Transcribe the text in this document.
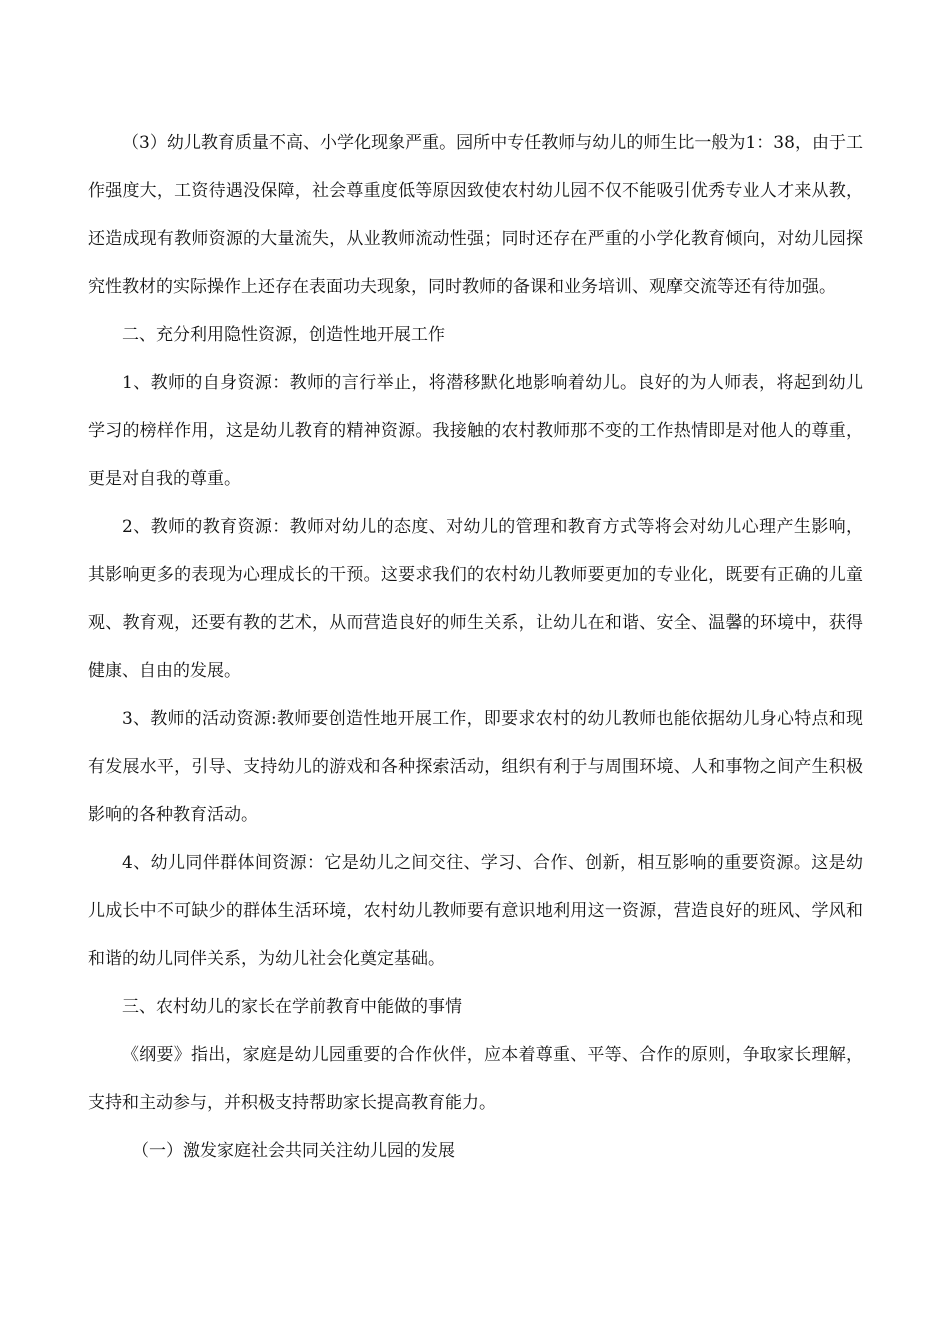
（3）幼儿教育质量不高、小学化现象严重。园所中专任教师与幼儿的师生比一般为1：38，由于工作强度大，工资待遇没保障，社会尊重度低等原因致使农村幼儿园不仅不能吸引优秀专业人才来从教，还造成现有教师资源的大量流失，从业教师流动性强；同时还存在严重的小学化教育倾向，对幼儿园探究性教材的实际操作上还存在表面功夫现象，同时教师的备课和业务培训、观摩交流等还有待加强。

二、充分利用隐性资源，创造性地开展工作

1、教师的自身资源：教师的言行举止，将潜移默化地影响着幼儿。良好的为人师表，将起到幼儿学习的榜样作用，这是幼儿教育的精神资源。我接触的农村教师那不变的工作热情即是对他人的尊重，更是对自我的尊重。

2、教师的教育资源：教师对幼儿的态度、对幼儿的管理和教育方式等将会对幼儿心理产生影响，其影响更多的表现为心理成长的干预。这要求我们的农村幼儿教师要更加的专业化，既要有正确的儿童观、教育观，还要有教的艺术，从而营造良好的师生关系，让幼儿在和谐、安全、温馨的环境中，获得健康、自由的发展。

3、教师的活动资源:教师要创造性地开展工作，即要求农村的幼儿教师也能依据幼儿身心特点和现有发展水平，引导、支持幼儿的游戏和各种探索活动，组织有利于与周围环境、人和事物之间产生积极影响的各种教育活动。

4、幼儿同伴群体间资源：它是幼儿之间交往、学习、合作、创新，相互影响的重要资源。这是幼儿成长中不可缺少的群体生活环境，农村幼儿教师要有意识地利用这一资源，营造良好的班风、学风和和谐的幼儿同伴关系，为幼儿社会化奠定基础。

三、农村幼儿的家长在学前教育中能做的事情

《纲要》指出，家庭是幼儿园重要的合作伙伴，应本着尊重、平等、合作的原则，争取家长理解，支持和主动参与，并积极支持帮助家长提高教育能力。

（一）激发家庭社会共同关注幼儿园的发展
